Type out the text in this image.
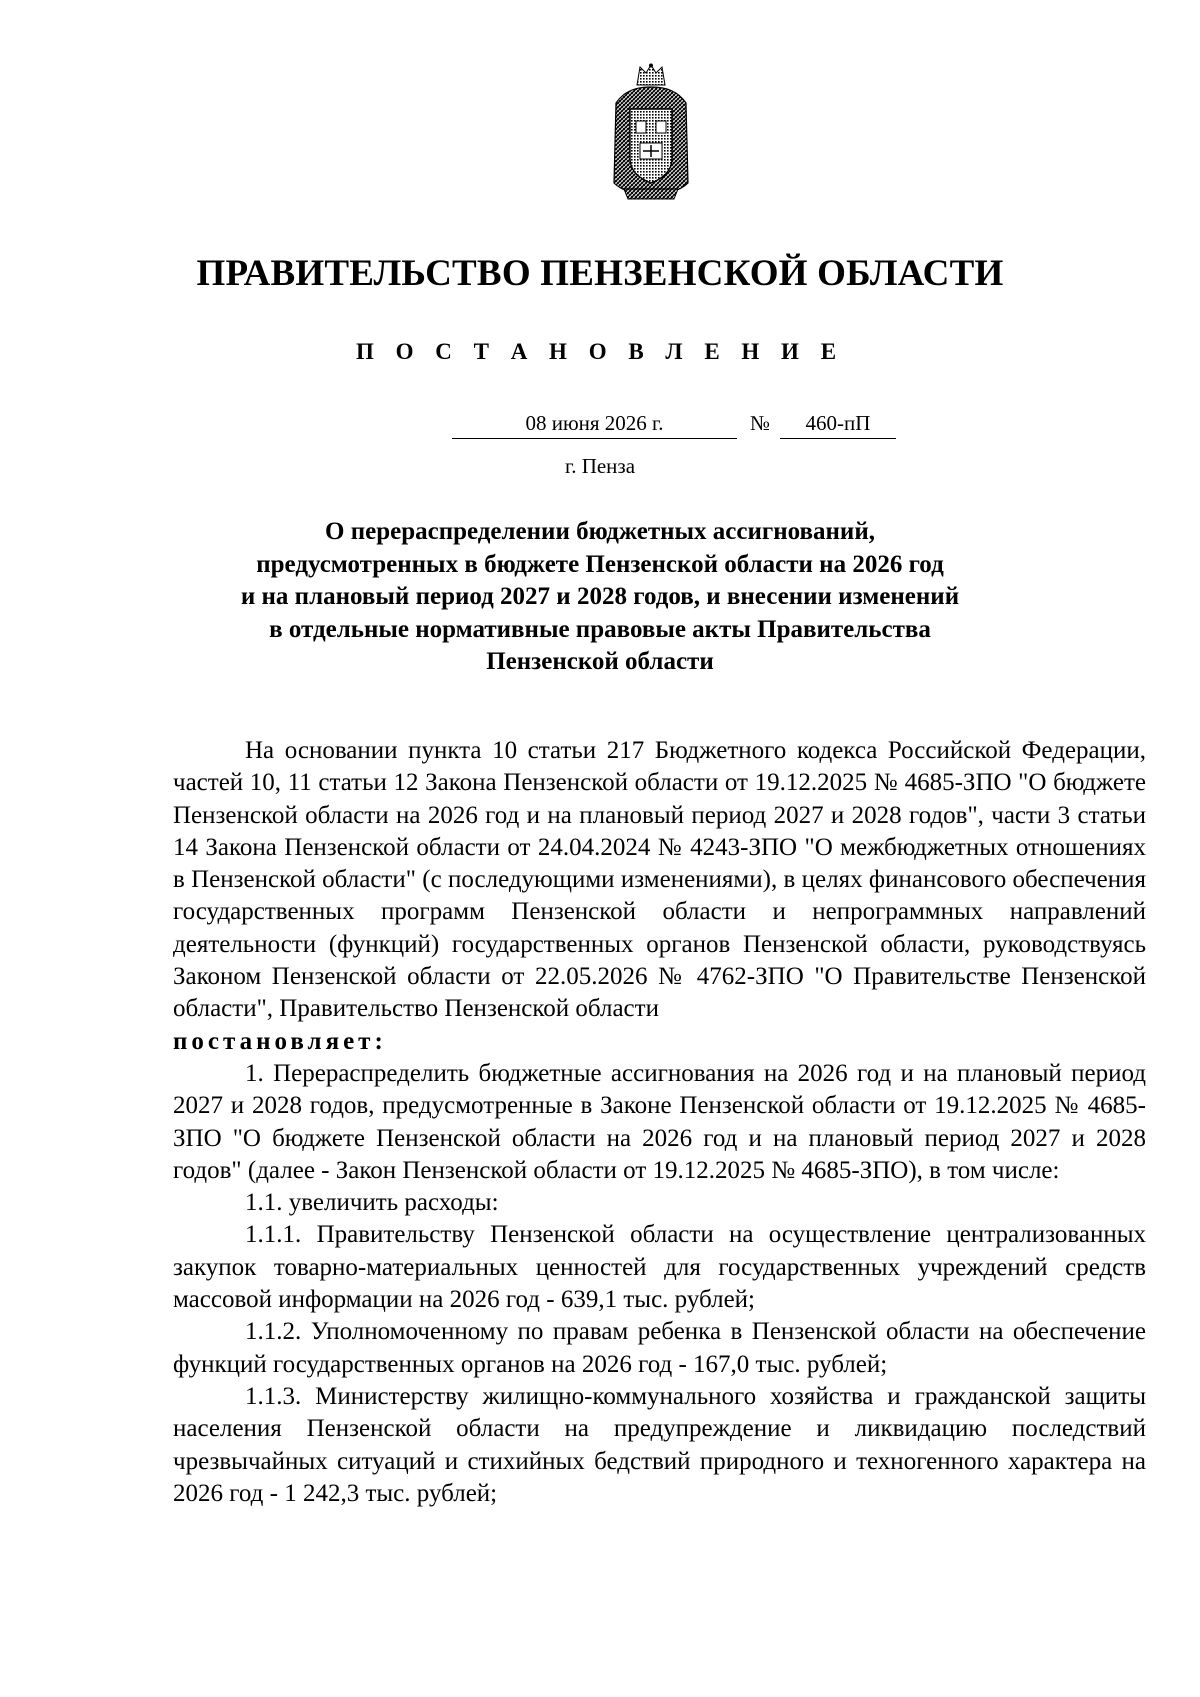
ПРАВИТЕЛЬСТВО ПЕНЗЕНСКОЙ ОБЛАСТИ
П О С Т А Н О В Л Е Н И Е
08 июня 2026 г.	№	460-пП
г. Пенза
О перераспределении бюджетных ассигнований,
предусмотренных в бюджете Пензенской области на 2026 год
и на плановый период 2027 и 2028 годов, и внесении изменений
в отдельные нормативные правовые акты Правительства
Пензенской области

На основании пункта 10 статьи 217 Бюджетного кодекса Российской Федерации, частей 10, 11 статьи 12 Закона Пензенской области от 19.12.2025 № 4685-ЗПО "О бюджете Пензенской области на 2026 год и на плановый период 2027 и 2028 годов", части 3 статьи 14 Закона Пензенской области от 24.04.2024 № 4243-ЗПО "О межбюджетных отношениях в Пензенской области" (с последующими изменениями), в целях финансового обеспечения государственных программ Пензенской области и непрограммных направлений деятельности (функций) государственных органов Пензенской области, руководствуясь Законом Пензенской области от 22.05.2026 № 4762-ЗПО "О Правительстве Пензенской области", Правительство Пензенской области

постановляет:

1. Перераспределить бюджетные ассигнования на 2026 год и на плановый период 2027 и 2028 годов, предусмотренные в Законе Пензенской области от 19.12.2025 № 4685-ЗПО "О бюджете Пензенской области на 2026 год и на плановый период 2027 и 2028 годов" (далее - Закон Пензенской области от 19.12.2025 № 4685-ЗПО), в том числе:

1.1. увеличить расходы:

1.1.1. Правительству Пензенской области на осуществление централизованных закупок товарно-материальных ценностей для государственных учреждений средств массовой информации на 2026 год - 639,1 тыс. рублей;

1.1.2. Уполномоченному по правам ребенка в Пензенской области на обеспечение функций государственных органов на 2026 год - 167,0 тыс. рублей;

1.1.3. Министерству жилищно-коммунального хозяйства и гражданской защиты населения Пензенской области на предупреждение и ликвидацию последствий чрезвычайных ситуаций и стихийных бедствий природного и техногенного характера на 2026 год - 1 242,3 тыс. рублей;
